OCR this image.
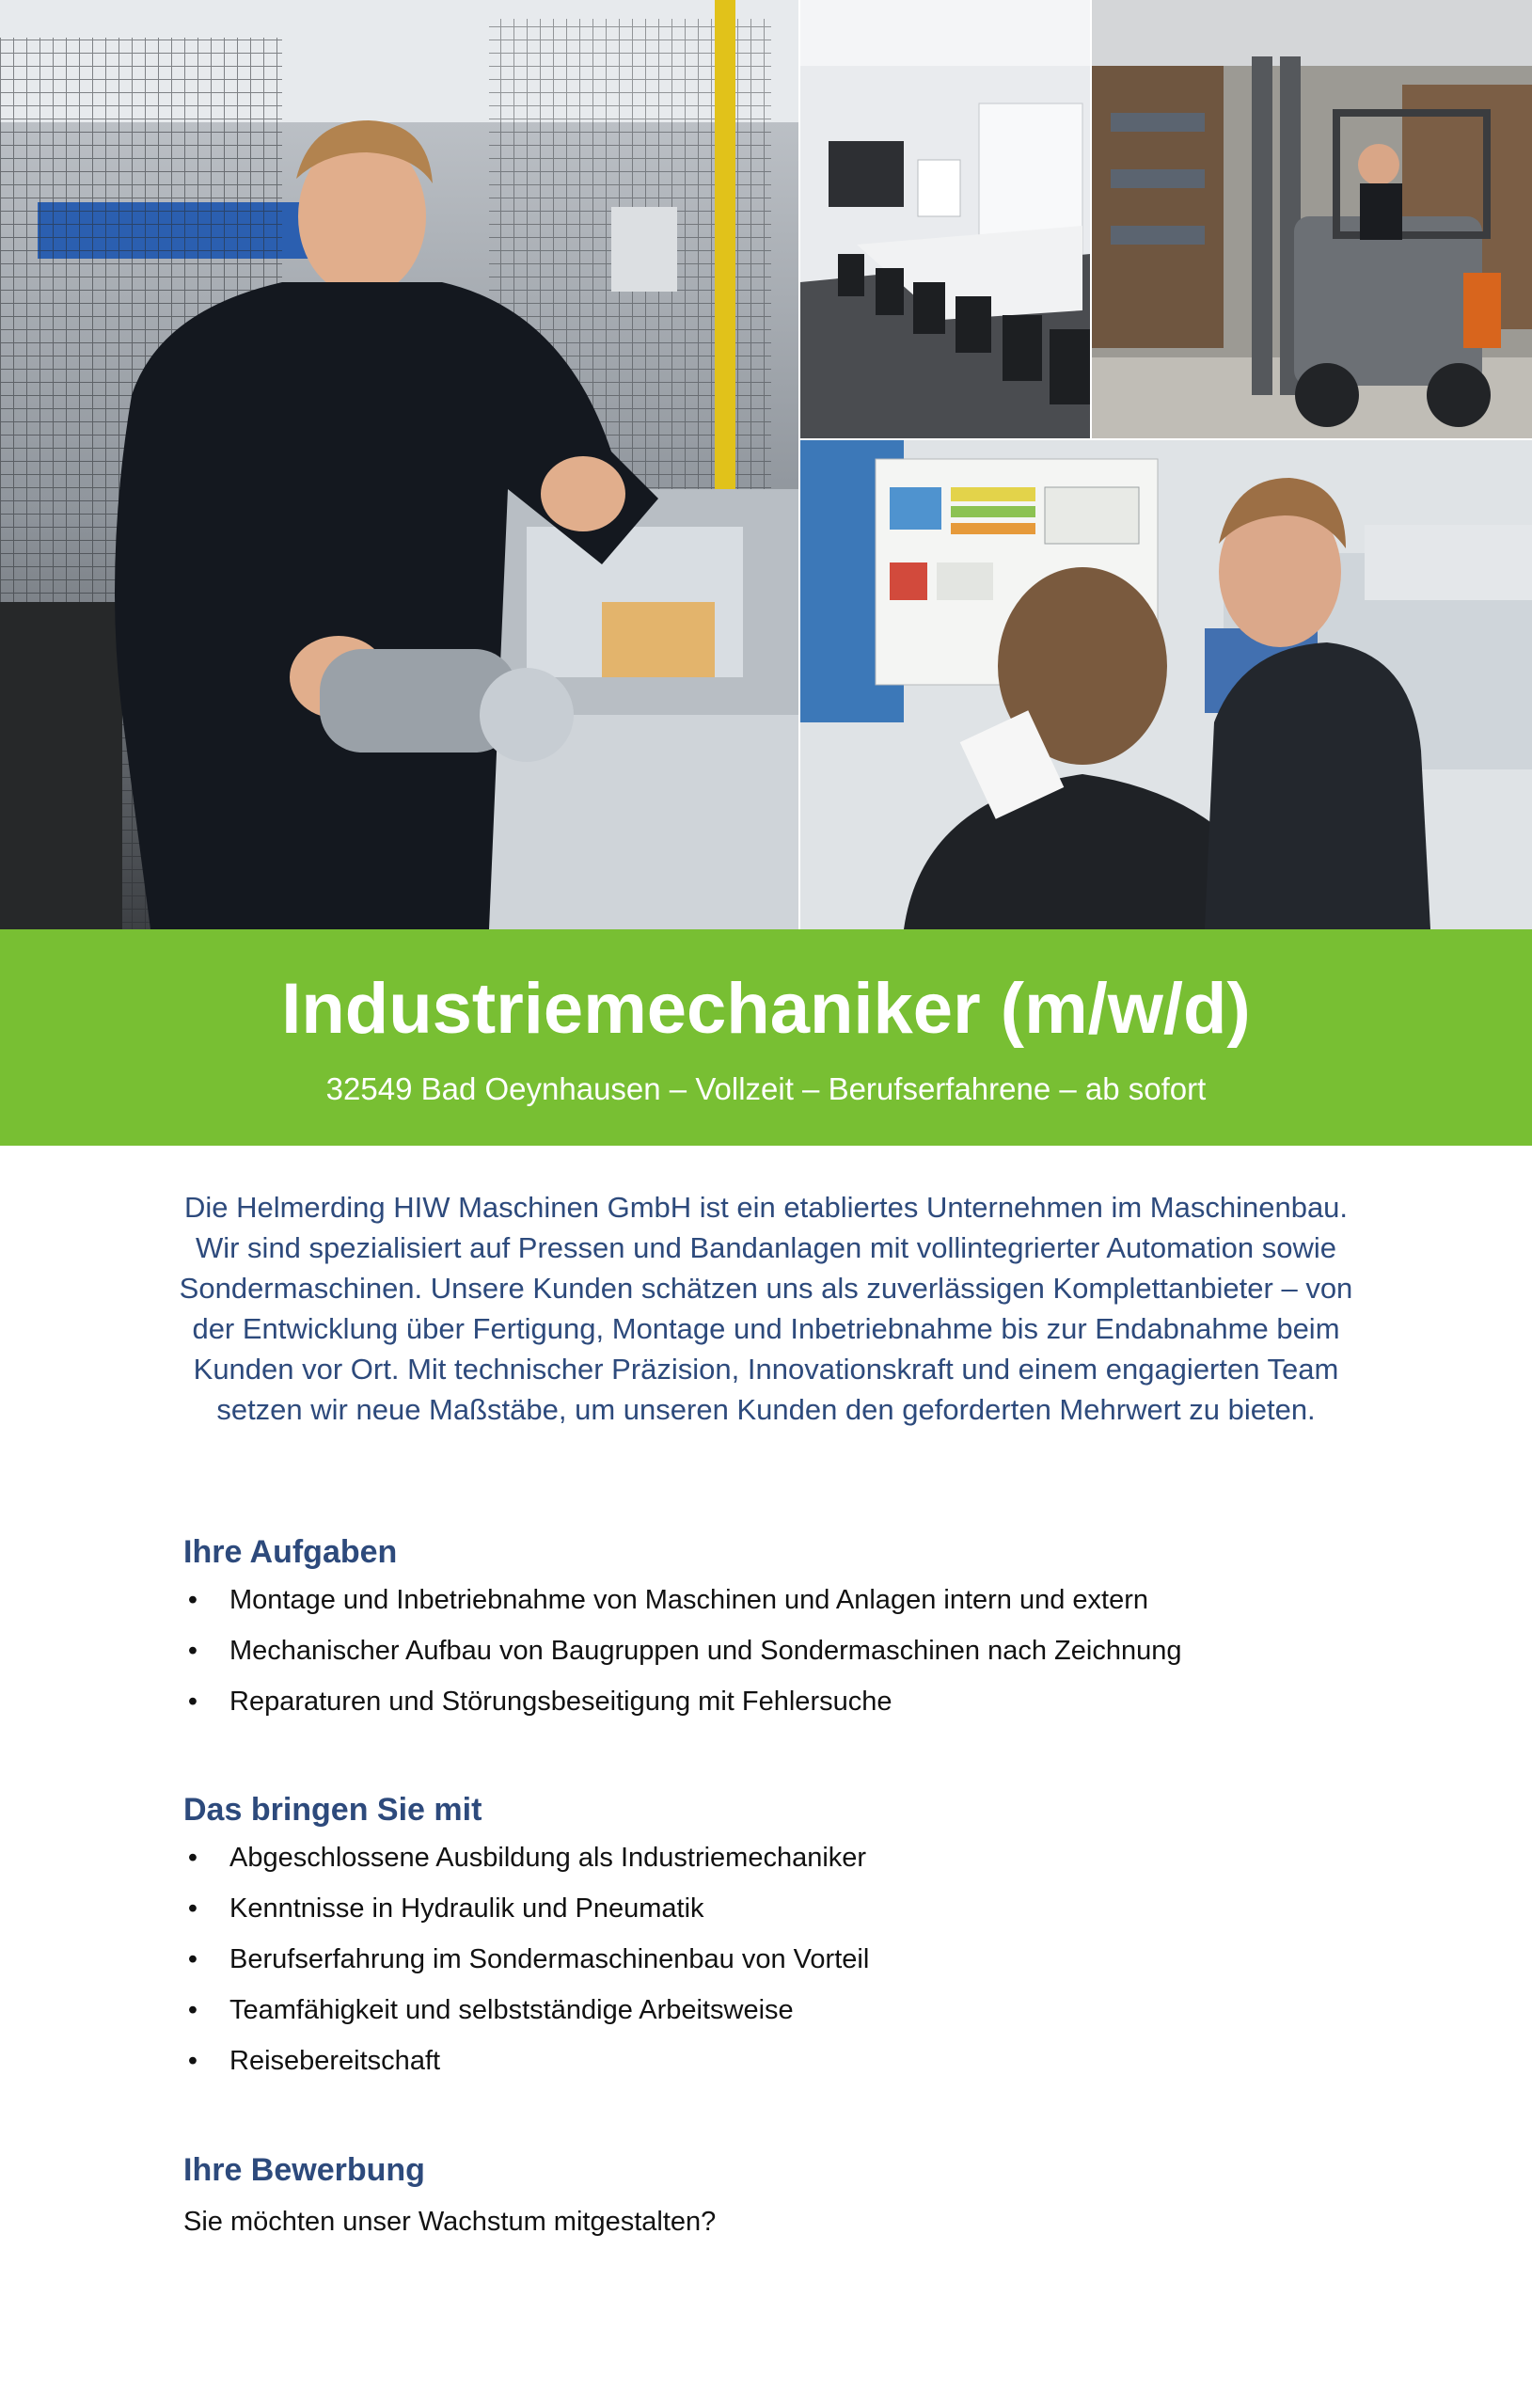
Industriemechaniker (m/w/d)
32549 Bad Oeynhausen – Vollzeit – Berufserfahrene – ab sofort
Die Helmerding HIW Maschinen GmbH ist ein etabliertes Unternehmen im Maschinenbau. Wir sind spezialisiert auf Pressen und Bandanlagen mit vollintegrierter Automation sowie Sondermaschinen. Unsere Kunden schätzen uns als zuverlässigen Komplettanbieter – von der Entwicklung über Fertigung, Montage und Inbetriebnahme bis zur Endabnahme beim Kunden vor Ort. Mit technischer Präzision, Innovationskraft und einem engagierten Team setzen wir neue Maßstäbe, um unseren Kunden den geforderten Mehrwert zu bieten.
Ihre Aufgaben
• Montage und Inbetriebnahme von Maschinen und Anlagen intern und extern
• Mechanischer Aufbau von Baugruppen und Sondermaschinen nach Zeichnung
• Reparaturen und Störungsbeseitigung mit Fehlersuche
Das bringen Sie mit
• Abgeschlossene Ausbildung als Industriemechaniker
• Kenntnisse in Hydraulik und Pneumatik
• Berufserfahrung im Sondermaschinenbau von Vorteil
• Teamfähigkeit und selbstständige Arbeitsweise
• Reisebereitschaft
Ihre Bewerbung

Sie möchten unser Wachstum mitgestalten?
